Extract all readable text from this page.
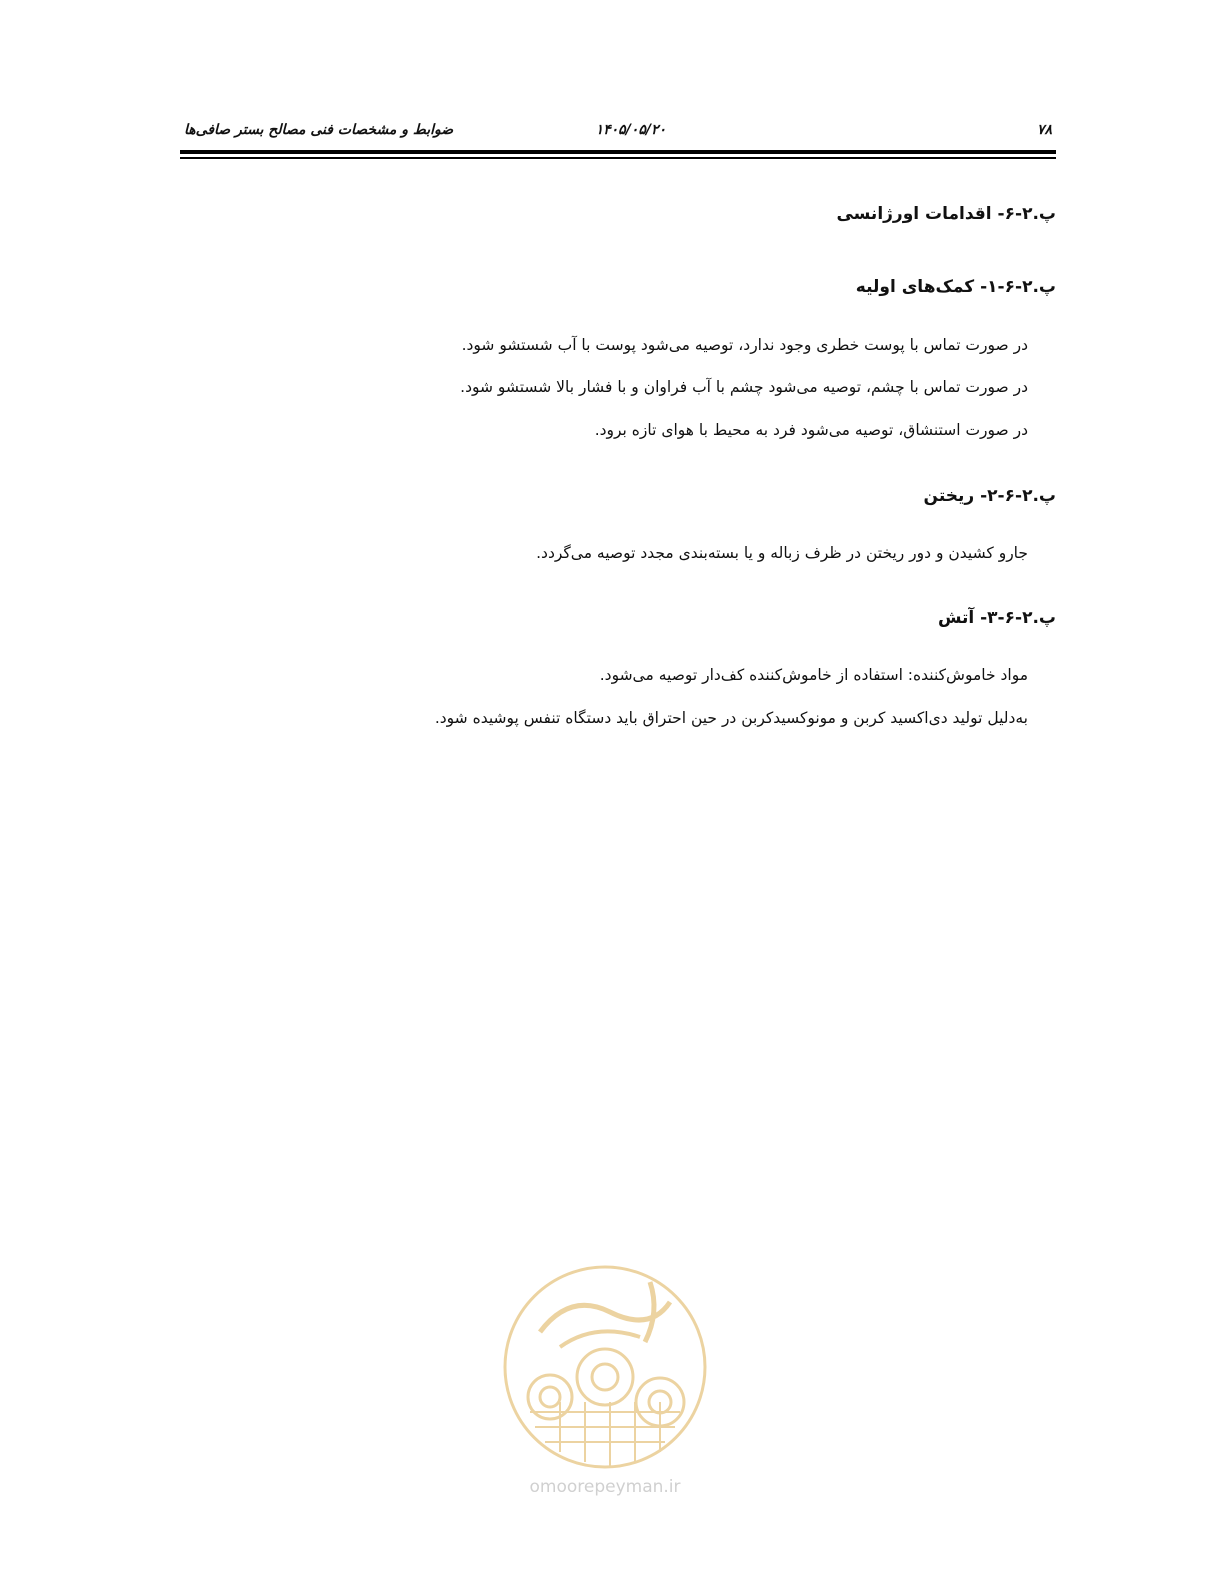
۷۸
۱۴۰۵/۰۵/۲۰
ضوابط و مشخصات فنی مصالح بستر صافی‌ها
پ.۲-۶- اقدامات اورژانسی
پ.۲-۶-۱- کمک‌های اولیه
در صورت تماس با پوست خطری وجود ندارد، توصیه می‌شود پوست با آب شستشو شود.
در صورت تماس با چشم، توصیه می‌شود چشم با آب فراوان و با فشار بالا شستشو شود.
در صورت استنشاق، توصیه می‌شود فرد به محیط با هوای تازه برود.
پ.۲-۶-۲- ریختن
جارو کشیدن و دور ریختن در ظرف زباله و یا بسته‌بندی مجدد توصیه می‌گردد.
پ.۲-۶-۳- آتش
مواد خاموش‌کننده: استفاده از خاموش‌کننده کف‌دار توصیه می‌شود.
به‌دلیل تولید دی‌اکسید کربن و مونوکسیدکربن در حین احتراق باید دستگاه تنفس پوشیده شود.
omoorepeyman.ir
